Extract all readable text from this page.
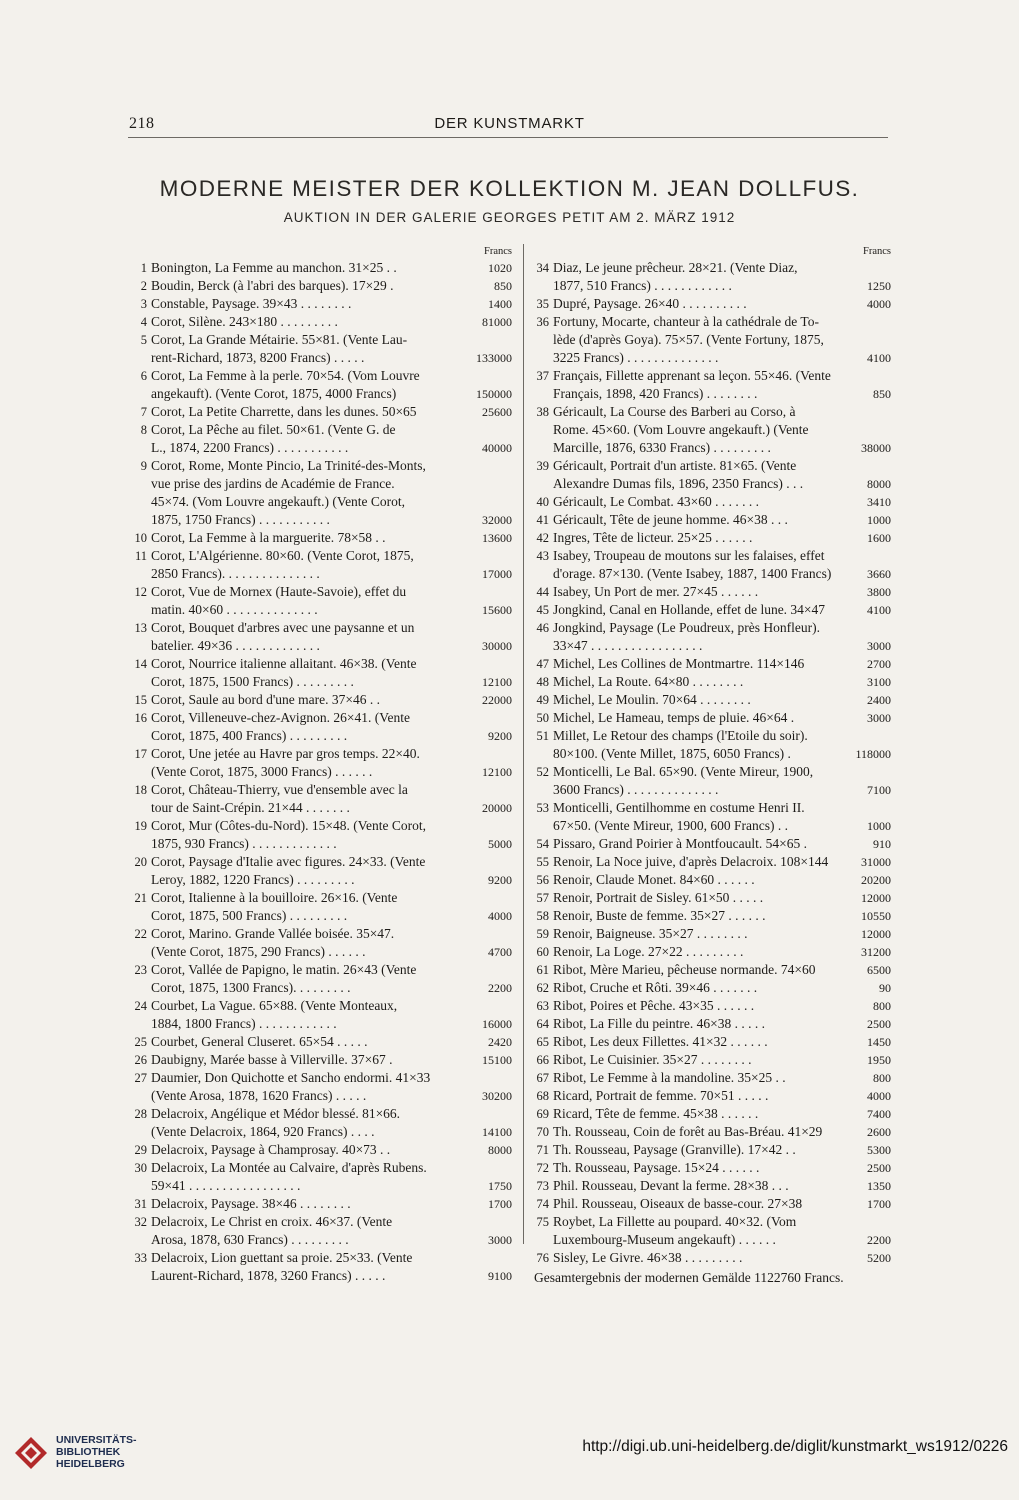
218	DER KUNSTMARKT
MODERNE MEISTER DER KOLLEKTION M. JEAN DOLLFUS.
AUKTION IN DER GALERIE GEORGES PETIT AM 2. MÄRZ 1912
Francs
1 Bonington, La Femme au manchon. 31×25 . .	1020
2 Boudin, Berck (à l'abri des barques). 17×29 .	850
3 Constable, Paysage. 39×43 . . . . . . . .	1400
4 Corot, Silène. 243×180 . . . . . . . . .	81000
5 Corot, La Grande Métairie. 55×81. (Vente Lau-
rent-Richard, 1873, 8200 Francs) . . . . .	133000
6 Corot, La Femme à la perle. 70×54. (Vom Louvre
angekauft). (Vente Corot, 1875, 4000 Francs)	150000
7 Corot, La Petite Charrette, dans les dunes. 50×65	25600
8 Corot, La Pêche au filet. 50×61. (Vente G. de
L., 1874, 2200 Francs) . . . . . . . . . . .	40000
9 Corot, Rome, Monte Pincio, La Trinité-des-Monts,
vue prise des jardins de Académie de France.
45×74. (Vom Louvre angekauft.) (Vente Corot,
1875, 1750 Francs) . . . . . . . . . . .	32000
10 Corot, La Femme à la marguerite. 78×58 . .	13600
11 Corot, L'Algérienne. 80×60. (Vente Corot, 1875,
2850 Francs). . . . . . . . . . . . . . .	17000
12 Corot, Vue de Mornex (Haute-Savoie), effet du
matin. 40×60 . . . . . . . . . . . . . .	15600
13 Corot, Bouquet d'arbres avec une paysanne et un
batelier. 49×36 . . . . . . . . . . . . .	30000
14 Corot, Nourrice italienne allaitant. 46×38. (Vente
Corot, 1875, 1500 Francs) . . . . . . . . .	12100
15 Corot, Saule au bord d'une mare. 37×46 . .	22000
16 Corot, Villeneuve-chez-Avignon. 26×41. (Vente
Corot, 1875, 400 Francs) . . . . . . . . .	9200
17 Corot, Une jetée au Havre par gros temps. 22×40.
(Vente Corot, 1875, 3000 Francs) . . . . . .	12100
18 Corot, Château-Thierry, vue d'ensemble avec la
tour de Saint-Crépin. 21×44 . . . . . . .	20000
19 Corot, Mur (Côtes-du-Nord). 15×48. (Vente Corot,
1875, 930 Francs) . . . . . . . . . . . . .	5000
20 Corot, Paysage d'Italie avec figures. 24×33. (Vente
Leroy, 1882, 1220 Francs) . . . . . . . . .	9200
21 Corot, Italienne à la bouilloire. 26×16. (Vente
Corot, 1875, 500 Francs) . . . . . . . . .	4000
22 Corot, Marino. Grande Vallée boisée. 35×47.
(Vente Corot, 1875, 290 Francs) . . . . . .	4700
23 Corot, Vallée de Papigno, le matin. 26×43 (Vente
Corot, 1875, 1300 Francs). . . . . . . . .	2200
24 Courbet, La Vague. 65×88. (Vente Monteaux,
1884, 1800 Francs) . . . . . . . . . . . .	16000
25 Courbet, General Cluseret. 65×54 . . . . .	2420
26 Daubigny, Marée basse à Villerville. 37×67 .	15100
27 Daumier, Don Quichotte et Sancho endormi. 41×33
(Vente Arosa, 1878, 1620 Francs) . . . . .	30200
28 Delacroix, Angélique et Médor blessé. 81×66.
(Vente Delacroix, 1864, 920 Francs) . . . .	14100
29 Delacroix, Paysage à Champrosay. 40×73 . .	8000
30 Delacroix, La Montée au Calvaire, d'après Rubens.
59×41 . . . . . . . . . . . . . . . . .	1750
31 Delacroix, Paysage. 38×46 . . . . . . . .	1700
32 Delacroix, Le Christ en croix. 46×37. (Vente
Arosa, 1878, 630 Francs) . . . . . . . . .	3000
33 Delacroix, Lion guettant sa proie. 25×33. (Vente
Laurent-Richard, 1878, 3260 Francs) . . . . .	9100
Francs
34 Diaz, Le jeune prêcheur. 28×21. (Vente Diaz,
1877, 510 Francs) . . . . . . . . . . . .	1250
35 Dupré, Paysage. 26×40 . . . . . . . . . .	4000
36 Fortuny, Mocarte, chanteur à la cathédrale de To-
lède (d'après Goya). 75×57. (Vente Fortuny, 1875,
3225 Francs) . . . . . . . . . . . . . .	4100
37 Français, Fillette apprenant sa leçon. 55×46. (Vente
Français, 1898, 420 Francs) . . . . . . . .	850
38 Géricault, La Course des Barberi au Corso, à
Rome. 45×60. (Vom Louvre angekauft.) (Vente
Marcille, 1876, 6330 Francs) . . . . . . . . .	38000
39 Géricault, Portrait d'un artiste. 81×65. (Vente
Alexandre Dumas fils, 1896, 2350 Francs) . . .	8000
40 Géricault, Le Combat. 43×60 . . . . . . .	3410
41 Géricault, Tête de jeune homme. 46×38 . . .	1000
42 Ingres, Tête de licteur. 25×25 . . . . . .	1600
43 Isabey, Troupeau de moutons sur les falaises, effet
d'orage. 87×130. (Vente Isabey, 1887, 1400 Francs)	3660
44 Isabey, Un Port de mer. 27×45 . . . . . .	3800
45 Jongkind, Canal en Hollande, effet de lune. 34×47	4100
46 Jongkind, Paysage (Le Poudreux, près Honfleur).
33×47 . . . . . . . . . . . . . . . . .	3000
47 Michel, Les Collines de Montmartre. 114×146	2700
48 Michel, La Route. 64×80 . . . . . . . .	3100
49 Michel, Le Moulin. 70×64 . . . . . . . .	2400
50 Michel, Le Hameau, temps de pluie. 46×64 .	3000
51 Millet, Le Retour des champs (l'Etoile du soir).
80×100. (Vente Millet, 1875, 6050 Francs) .	118000
52 Monticelli, Le Bal. 65×90. (Vente Mireur, 1900,
3600 Francs) . . . . . . . . . . . . . .	7100
53 Monticelli, Gentilhomme en costume Henri II.
67×50. (Vente Mireur, 1900, 600 Francs) . .	1000
54 Pissaro, Grand Poirier à Montfoucault. 54×65 .	910
55 Renoir, La Noce juive, d'après Delacroix. 108×144	31000
56 Renoir, Claude Monet. 84×60 . . . . . .	20200
57 Renoir, Portrait de Sisley. 61×50 . . . . .	12000
58 Renoir, Buste de femme. 35×27 . . . . . .	10550
59 Renoir, Baigneuse. 35×27 . . . . . . . .	12000
60 Renoir, La Loge. 27×22 . . . . . . . . .	31200
61 Ribot, Mère Marieu, pêcheuse normande. 74×60	6500
62 Ribot, Cruche et Rôti. 39×46 . . . . . . .	90
63 Ribot, Poires et Pêche. 43×35 . . . . . .	800
64 Ribot, La Fille du peintre. 46×38 . . . . .	2500
65 Ribot, Les deux Fillettes. 41×32 . . . . . .	1450
66 Ribot, Le Cuisinier. 35×27 . . . . . . . .	1950
67 Ribot, Le Femme à la mandoline. 35×25 . .	800
68 Ricard, Portrait de femme. 70×51 . . . . .	4000
69 Ricard, Tête de femme. 45×38 . . . . . .	7400
70 Th. Rousseau, Coin de forêt au Bas-Bréau. 41×29	2600
71 Th. Rousseau, Paysage (Granville). 17×42 . .	5300
72 Th. Rousseau, Paysage. 15×24 . . . . . .	2500
73 Phil. Rousseau, Devant la ferme. 28×38 . . .	1350
74 Phil. Rousseau, Oiseaux de basse-cour. 27×38	1700
75 Roybet, La Fillette au poupard. 40×32. (Vom
Luxembourg-Museum angekauft) . . . . . .	2200
76 Sisley, Le Givre. 46×38 . . . . . . . . .	5200
Gesamtergebnis der modernen Gemälde 1122760 Francs.
UNIVERSITÄTS-
BIBLIOTHEK
HEIDELBERG
http://digi.ub.uni-heidelberg.de/diglit/kunstmarkt_ws1912/0226
